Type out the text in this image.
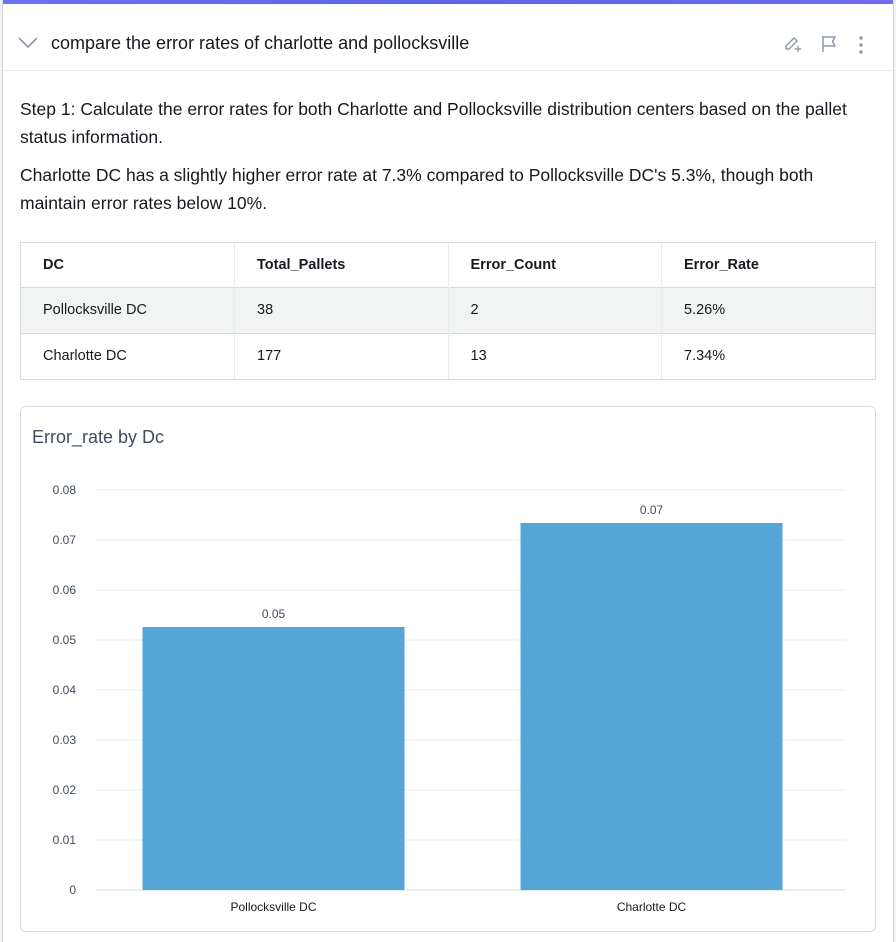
compare the error rates of charlotte and pollocksville
Step 1: Calculate the error rates for both Charlotte and Pollocksville distribution centers based on the pallet status information.
Charlotte DC has a slightly higher error rate at 7.3% compared to Pollocksville DC's 5.3%, though both maintain error rates below 10%.
DC	Total_Pallets	Error_Count	Error_Rate
Pollocksville DC	38	2	5.26%
Charlotte DC	177	13	7.34%
Error_rate by Dc
0
0.01
0.02
0.03
0.04
0.05
0.06
0.07
0.08
0.05
Pollocksville DC
0.07
Charlotte DC
